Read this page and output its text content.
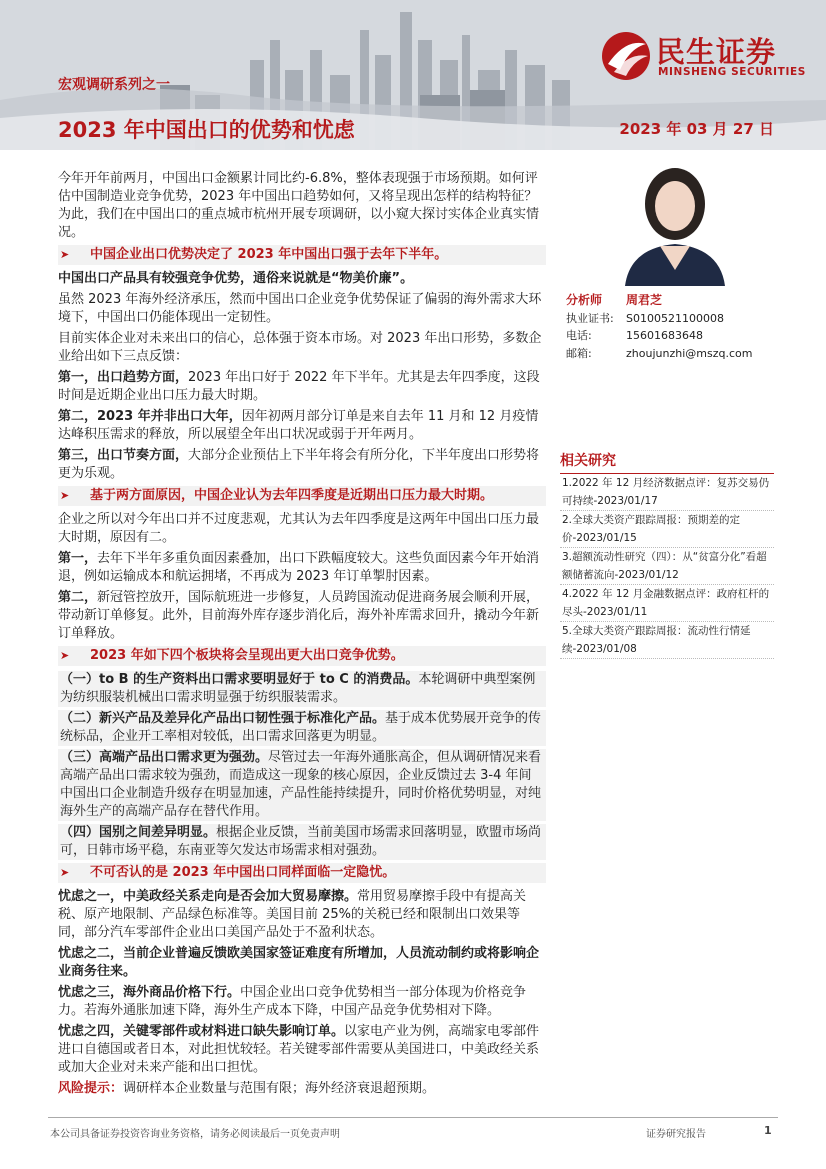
宏观调研系列之一
2023 年中国出口的优势和忧虑	2023 年 03 月 27 日
民生证券
MINSHENG SECURITIES

今年开年前两月，中国出口金额累计同比约-6.8%，整体表现强于市场预期。如何评估中国制造业竞争优势，2023 年中国出口趋势如何，又将呈现出怎样的结构特征？为此，我们在中国出口的重点城市杭州开展专项调研，以小窥大探讨实体企业真实情况。

➤	中国企业出口优势决定了 2023 年中国出口强于去年下半年。

中国出口产品具有较强竞争优势，通俗来说就是“物美价廉”。

虽然 2023 年海外经济承压，然而中国出口企业竞争优势保证了偏弱的海外需求大环境下，中国出口仍能体现出一定韧性。

目前实体企业对未来出口的信心，总体强于资本市场。对 2023 年出口形势，多数企业给出如下三点反馈：

第一，出口趋势方面，2023 年出口好于 2022 年下半年。尤其是去年四季度，这段时间是近期企业出口压力最大时期。

第二，2023 年并非出口大年，因年初两月部分订单是来自去年 11 月和 12 月疫情达峰积压需求的释放，所以展望全年出口状况或弱于开年两月。

第三，出口节奏方面，大部分企业预估上下半年将会有所分化，下半年度出口形势将更为乐观。

➤	基于两方面原因，中国企业认为去年四季度是近期出口压力最大时期。

企业之所以对今年出口并不过度悲观，尤其认为去年四季度是这两年中国出口压力最大时期，原因有二。

第一，去年下半年多重负面因素叠加，出口下跌幅度较大。这些负面因素今年开始消退，例如运输成本和航运拥堵，不再成为 2023 年订单掣肘因素。

第二，新冠管控放开，国际航班进一步修复，人员跨国流动促进商务展会顺利开展，带动新订单修复。此外，目前海外库存逐步消化后，海外补库需求回升，撬动今年新订单释放。

➤	2023 年如下四个板块将会呈现出更大出口竞争优势。

（一）to B 的生产资料出口需求要明显好于 to C 的消费品。本轮调研中典型案例为纺织服装机械出口需求明显强于纺织服装需求。

（二）新兴产品及差异化产品出口韧性强于标准化产品。基于成本优势展开竞争的传统标品，企业开工率相对较低，出口需求回落更为明显。

（三）高端产品出口需求更为强劲。尽管过去一年海外通胀高企，但从调研情况来看高端产品出口需求较为强劲，而造成这一现象的核心原因，企业反馈过去 3-4 年间中国出口企业制造升级存在明显加速，产品性能持续提升，同时价格优势明显，对纯海外生产的高端产品存在替代作用。

（四）国别之间差异明显。根据企业反馈，当前美国市场需求回落明显，欧盟市场尚可，日韩市场平稳，东南亚等欠发达市场需求相对强劲。

➤	不可否认的是 2023 年中国出口同样面临一定隐忧。

忧虑之一，中美政经关系走向是否会加大贸易摩擦。常用贸易摩擦手段中有提高关税、原产地限制、产品绿色标准等。美国目前 25%的关税已经和限制出口效果等同，部分汽车零部件企业出口美国产品处于不盈利状态。

忧虑之二，当前企业普遍反馈欧美国家签证难度有所增加，人员流动制约或将影响企业商务往来。

忧虑之三，海外商品价格下行。中国企业出口竞争优势相当一部分体现为价格竞争力。若海外通胀加速下降，海外生产成本下降，中国产品竞争优势相对下降。

忧虑之四，关键零部件或材料进口缺失影响订单。以家电产业为例，高端家电零部件进口自德国或者日本，对此担忧较轻。若关键零部件需要从美国进口，中美政经关系或加大企业对未来产能和出口担忧。

风险提示：调研样本企业数量与范围有限；海外经济衰退超预期。

分析师	周君芝
执业证书:	S0100521100008
电话:	15601683648
邮箱:	zhoujunzhi@mszq.com
相关研究
1.2022 年 12 月经济数据点评：复苏交易仍可持续-2023/01/17
2.全球大类资产跟踪周报：预期差的定价-2023/01/15
3.超额流动性研究（四）：从“贫富分化”看超额储蓄流向-2023/01/12
4.2022 年 12 月金融数据点评：政府杠杆的尽头-2023/01/11
5.全球大类资产跟踪周报：流动性行情延续-2023/01/08
本公司具备证券投资咨询业务资格，请务必阅读最后一页免责声明	证券研究报告	1
